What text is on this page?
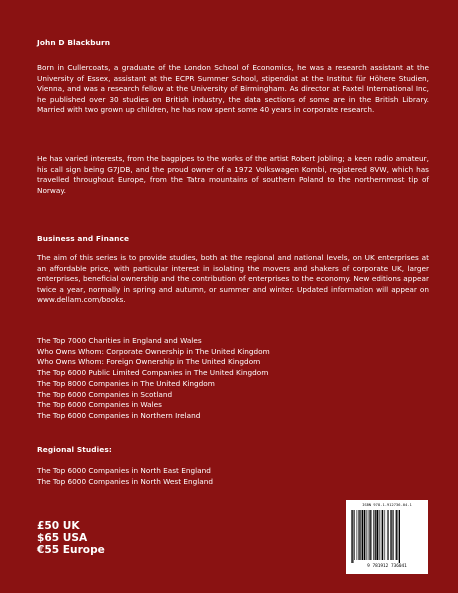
John D Blackburn

Born in Cullercoats, a graduate of the London School of Economics, he was a research assistant at the University of Essex, assistant at the ECPR Summer School, stipendiat at the Institut für Höhere Studien, Vienna, and was a research fellow at the University of Birmingham. As director at Faxtel International Inc, he published over 30 studies on British industry, the data sections of some are in the British Library. Married with two grown up children, he has now spent some 40 years in corporate research.

He has varied interests, from the bagpipes to the works of the artist Robert Jobling; a keen radio amateur, his call sign being G7JDB, and the proud owner of a 1972 Volkswagen Kombi, registered 8VW, which has travelled throughout Europe, from the Tatra mountains of southern Poland to the northernmost tip of Norway.

Business and Finance

The aim of this series is to provide studies, both at the regional and national levels, on UK enterprises at an affordable price, with particular interest in isolating the movers and shakers of corporate UK, larger enterprises, beneficial ownership and the contribution of enterprises to the economy. New editions appear twice a year, normally in spring and autumn, or summer and winter. Updated information will appear on www.dellam.com/books.

The Top 7000 Charities in England and Wales
Who Owns Whom: Corporate Ownership in The United Kingdom
Who Owns Whom: Foreign Ownership in The United Kingdom
The Top 6000 Public Limited Companies in The United Kingdom
The Top 8000 Companies in The United Kingdom
The Top 6000 Companies in Scotland
The Top 6000 Companies in Wales
The Top 6000 Companies in Northern Ireland
Regional Studies:
The Top 6000 Companies in North East England
The Top 6000 Companies in North West England
£50 UK
$65 USA
€55 Europe
ISBN 978-1-912736-04-1
9 781912 736041
